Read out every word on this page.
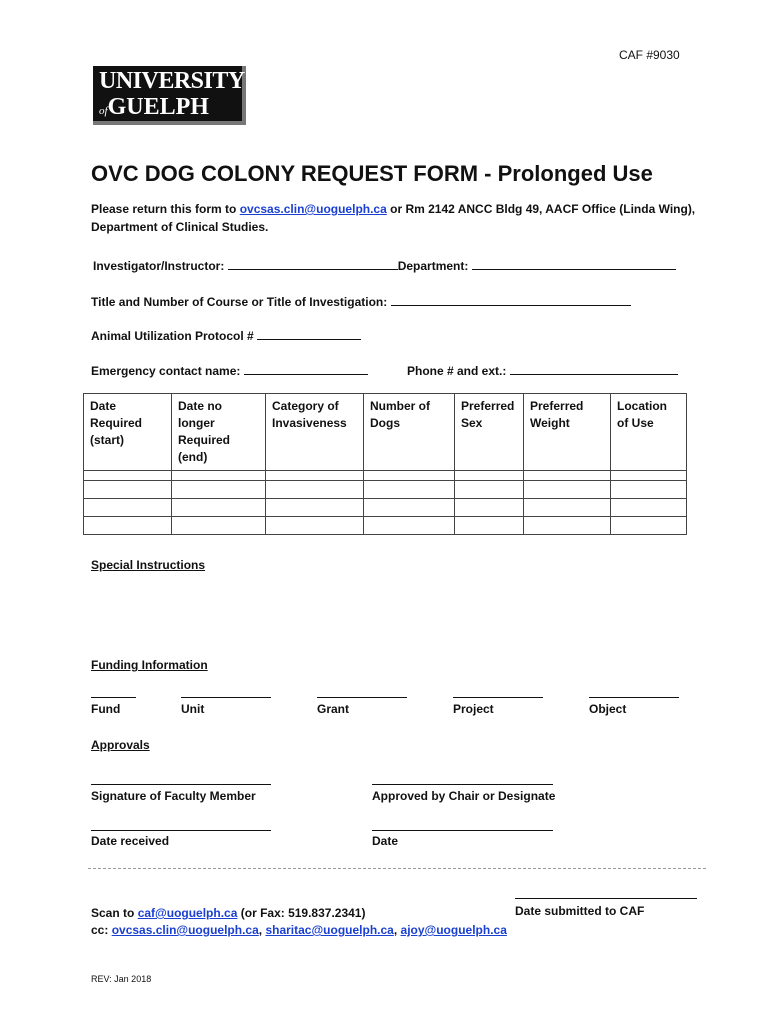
CAF #9030
UNIVERSITY
ofGUELPH
OVC DOG COLONY REQUEST FORM - Prolonged Use
Please return this form to ovcsas.clin@uoguelph.ca or Rm 2142 ANCC Bldg 49, AACF Office (Linda Wing),
Department of Clinical Studies.
Investigator/Instructor:	Department:
Title and Number of Course or Title of Investigation:
Animal Utilization Protocol #
Emergency contact name:	Phone # and ext.:
Date Required (start)	Date no longer Required (end)	Category of Invasiveness	Number of Dogs	Preferred Sex	Preferred Weight	Location of Use

Special Instructions
Funding Information
Fund	Unit	Grant	Project	Object
Approvals
Signature of Faculty Member	Approved by Chair or Designate
Date received	Date
Date submitted to CAF
Scan to caf@uoguelph.ca (or Fax: 519.837.2341)
cc: ovcsas.clin@uoguelph.ca, sharitac@uoguelph.ca, ajoy@uoguelph.ca
REV: Jan 2018
